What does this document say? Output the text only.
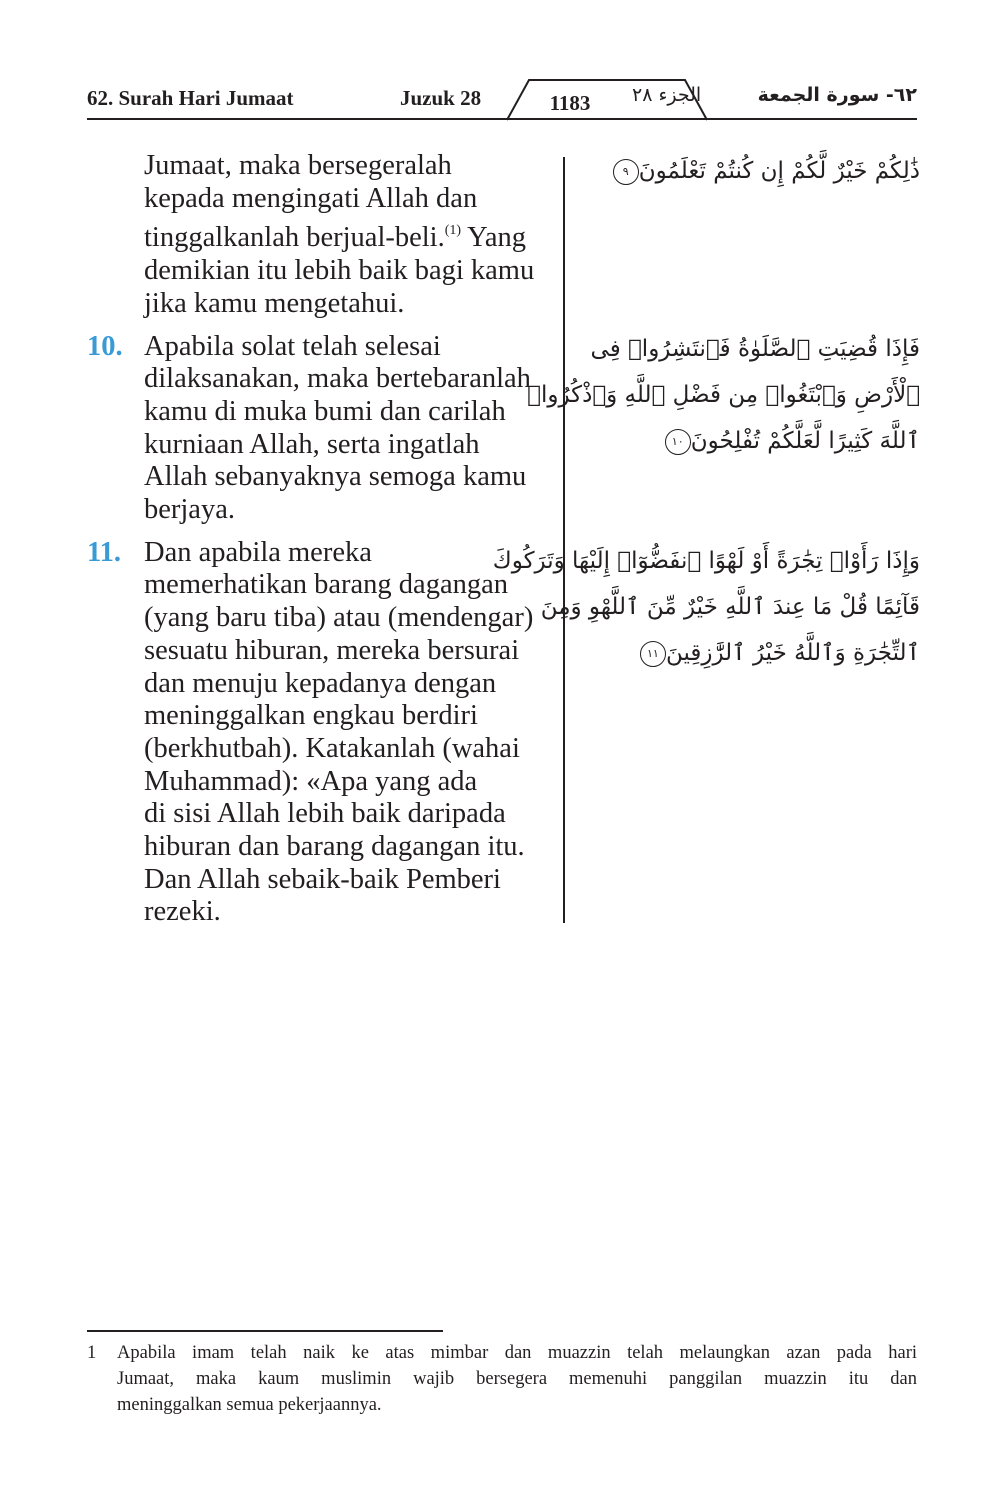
62. Surah Hari Jumaat	Juzuk 28	1183	الجزء ٢٨	٦٢- سورة الجمعة
Jumaat, maka bersegeralah
kepada mengingati Allah dan
tinggalkanlah berjual-beli.$^{(1)}$ Yang
demikian itu lebih baik bagi kamu
jika kamu mengetahui.
10. Apabila solat telah selesai
dilaksanakan, maka bertebaranlah
kamu di muka bumi dan carilah
kurniaan Allah, serta ingatlah
Allah sebanyaknya semoga kamu
berjaya.
11. Dan apabila mereka
memerhatikan barang dagangan
(yang baru tiba) atau (mendengar)
sesuatu hiburan, mereka bersurai
dan menuju kepadanya dengan
meninggalkan engkau berdiri
(berkhutbah). Katakanlah (wahai
Muhammad): «Apa yang ada
di sisi Allah lebih baik daripada
hiburan dan barang dagangan itu.
Dan Allah sebaik-baik Pemberi
rezeki.
ذَٰلِكُمْ خَيْرٌ لَّكُمْ إِن كُنتُمْ تَعْلَمُونَ٩
فَإِذَا قُضِيَتِ ٱلصَّلَوٰةُ فَٱنتَشِرُوا۟ فِى
ٱلْأَرْضِ وَٱبْتَغُوا۟ مِن فَضْلِ ٱللَّهِ وَٱذْكُرُوا۟
ٱللَّهَ كَثِيرًا لَّعَلَّكُمْ تُفْلِحُونَ١٠
وَإِذَا رَأَوْا۟ تِجَٰرَةً أَوْ لَهْوًا ٱنفَضُّوٓا۟ إِلَيْهَا وَتَرَكُوكَ
قَآئِمًا قُلْ مَا عِندَ ٱللَّهِ خَيْرٌ مِّنَ ٱللَّهْوِ وَمِنَ
ٱلتِّجَٰرَةِ وَٱللَّهُ خَيْرُ ٱلرَّٰزِقِينَ١١
1 Apabila imam telah naik ke atas mimbar dan muazzin telah melaungkan azan pada hari
Jumaat, maka kaum muslimin wajib bersegera memenuhi panggilan muazzin itu dan
meninggalkan semua pekerjaannya.
